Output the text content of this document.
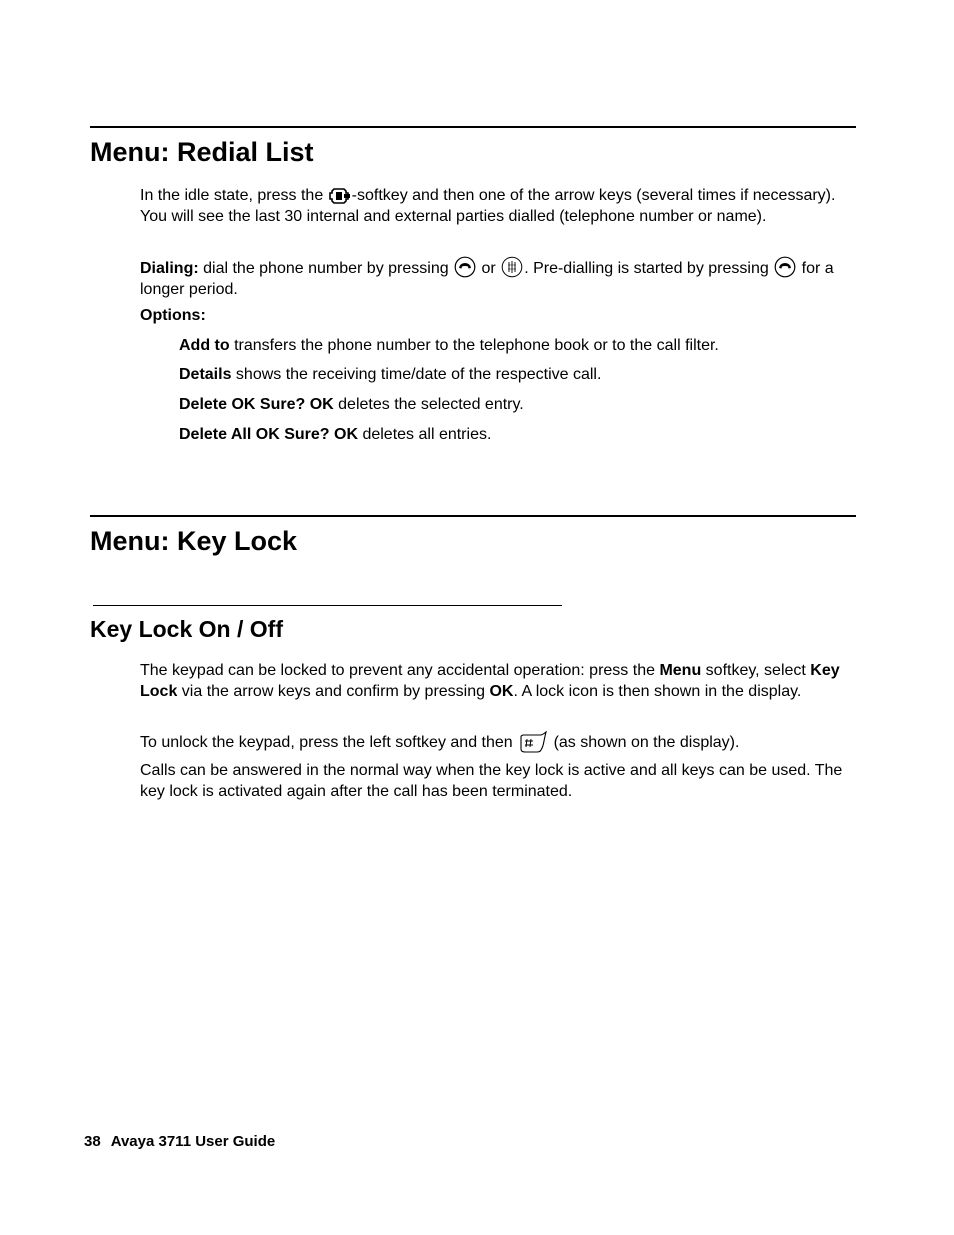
Menu: Redial List

In the idle state, press the
-softkey and then one of the arrow keys (several times if necessary). You will see the last 30 internal and external parties dialled (telephone number or name).

Dialing: dial the phone number by pressing
or
. Pre-dialling is started by pressing
for a longer period.

Options:

Add to transfers the phone number to the telephone book or to the call filter.

Details shows the receiving time/date of the respective call.

Delete OK Sure? OK deletes the selected entry.

Delete All OK Sure? OK deletes all entries.

Menu: Key Lock
Key Lock On / Off

The keypad can be locked to prevent any accidental operation: press the Menu softkey, select Key Lock via the arrow keys and confirm by pressing OK. A lock icon is then shown in the display.

To unlock the keypad, press the left softkey and then
(as shown on the display).

Calls can be answered in the normal way when the key lock is active and all keys can be used. The key lock is activated again after the call has been terminated.

38 Avaya 3711 User Guide
